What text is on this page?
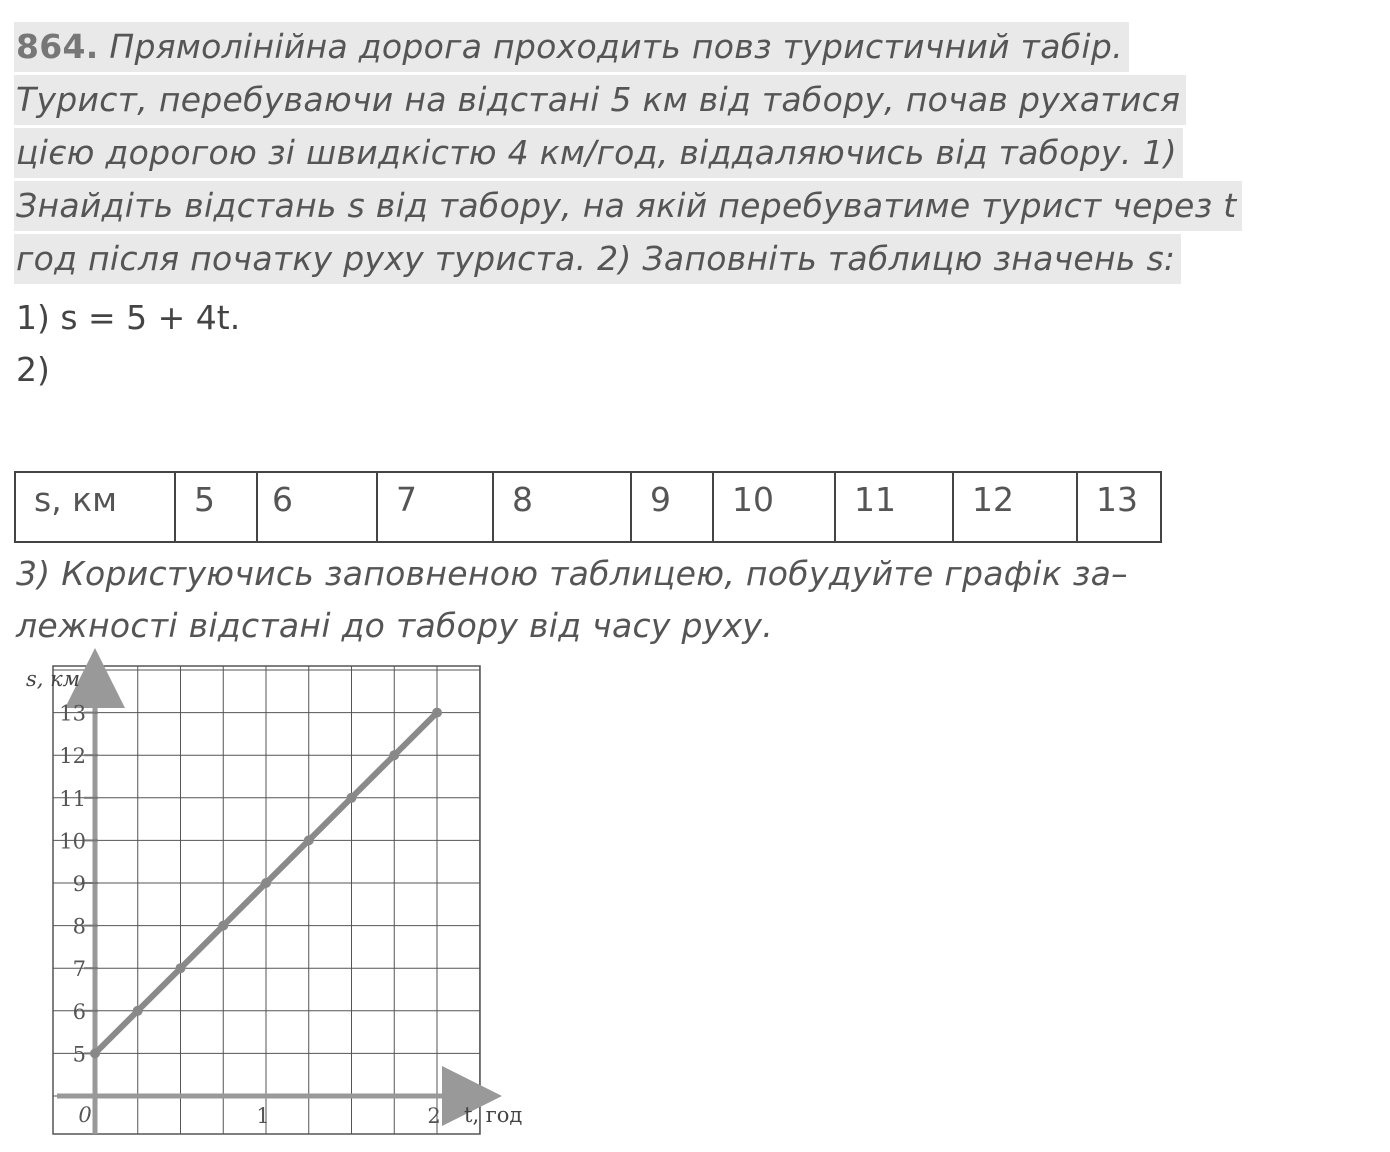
864. Прямолінійна дорога проходить повз туристичний табір.
Турист, перебуваючи на відстані 5 км від табору, почав рухатися
цією дорогою зі швидкістю 4 км/год, віддаляючись від табору. 1)
Знайдіть відстань s від табору, на якій перебуватиме турист через t
год після початку руху туриста. 2) Заповніть таблицю значень s:
1) s = 5 + 4t.
2)
s, км	5	6	7	8	9	10	11	12	13
3) Користуючись заповненою таблицею, побудуйте графік за–
лежності відстані до табору від часу руху.
5
6
7
8
9
10
11
12
13
1	2
0
s, км
t, год
